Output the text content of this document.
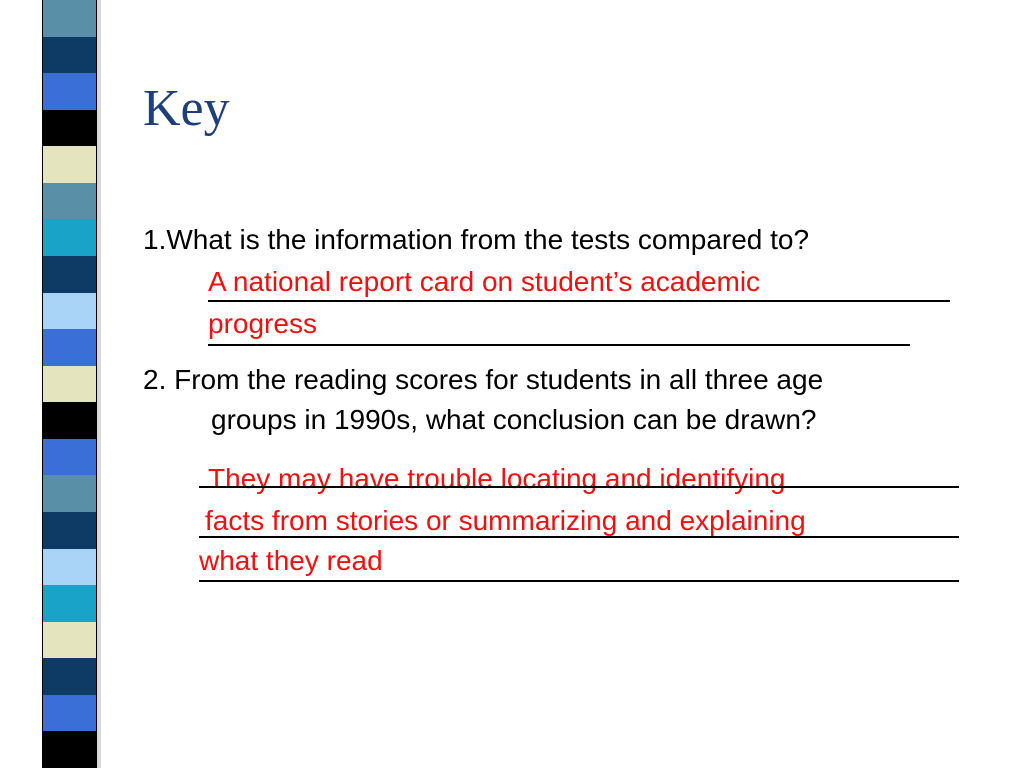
Key
1.What is the information from the tests compared to?
A national report card on student’s academic
progress
2. From the reading scores for students in all three age
groups in 1990s, what conclusion can be drawn?
They may have trouble locating and identifying
facts from stories or summarizing and explaining
what they read
